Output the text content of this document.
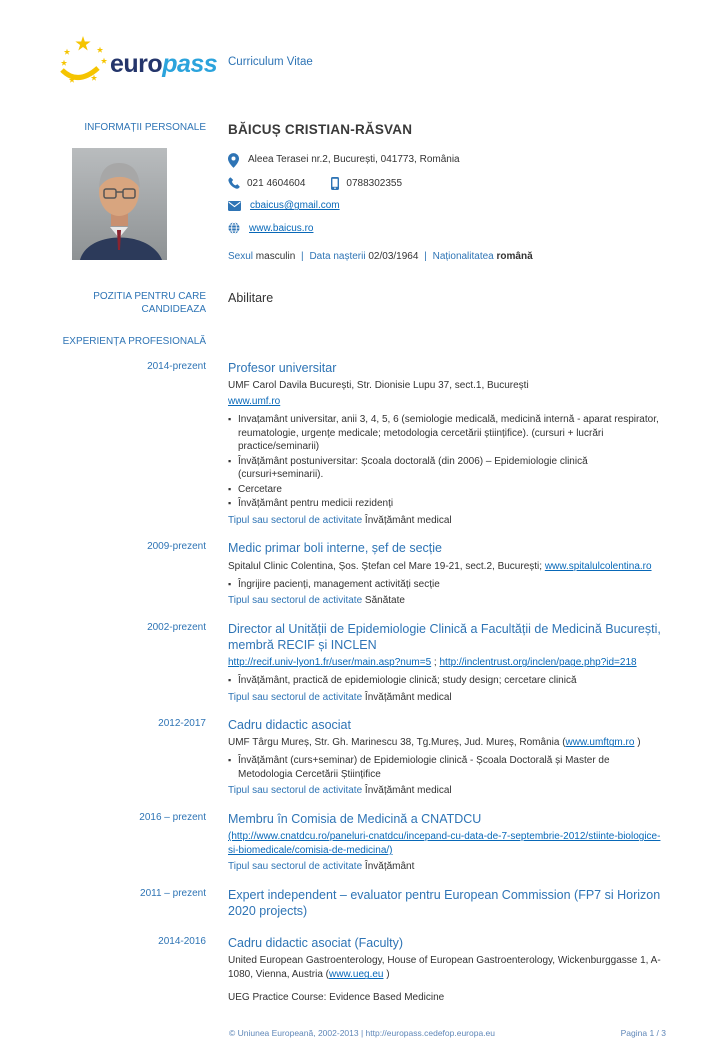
europass Curriculum Vitae
INFORMAȚII PERSONALE BĂICUȘ CRISTIAN-RĂSVAN
Aleea Terasei nr.2, București, 041773, România
021 4604604	0788302355
cbaicus@gmail.com
www.baicus.ro
Sexul masculin | Data nașterii 02/03/1964 | Naționalitatea română
POZITIA PENTRU CARE CANDIDEAZA
Abilitare
EXPERIENȚA PROFESIONALĂ
2014-prezent Profesor universitar
UMF Carol Davila București, Str. Dionisie Lupu 37, sect.1, București
www.umf.ro
▪ Invațamânt universitar, anii 3, 4, 5, 6 (semiologie medicală, medicină internă - aparat respirator, reumatologie, urgențe medicale; metodologia cercetării științifice). (cursuri + lucrări practice/seminarii)
▪ Învățământ postuniversitar: Școala doctorală (din 2006) – Epidemiologie clinică (cursuri+seminarii).
▪ Cercetare
▪ Învățământ pentru medicii rezidenți
Tipul sau sectorul de activitate Învățământ medical
2009-prezent Medic primar boli interne, șef de secție
Spitalul Clinic Colentina, Șos. Ștefan cel Mare 19-21, sect.2, București; www.spitalulcolentina.ro
▪ Îngrijire pacienți, management activități secție
Tipul sau sectorul de activitate Sănătate
2002-prezent Director al Unității de Epidemiologie Clinică a Facultății de Medicină București, membră RECIF și INCLEN
http://recif.univ-lyon1.fr/user/main.asp?num=5 ; http://inclentrust.org/inclen/page.php?id=218
▪ Învățământ, practică de epidemiologie clinică; study design; cercetare clinică
Tipul sau sectorul de activitate Învățământ medical
2012-2017 Cadru didactic asociat
UMF Târgu Mureș, Str. Gh. Marinescu 38, Tg.Mureș, Jud. Mureș, România (www.umftgm.ro )
▪ Învățământ (curs+seminar) de Epidemiologie clinică - Școala Doctorală și Master de Metodologia Cercetării Științifice
Tipul sau sectorul de activitate Învățământ medical
2016 – prezent Membru în Comisia de Medicină a CNATDCU
(http://www.cnatdcu.ro/paneluri-cnatdcu/incepand-cu-data-de-7-septembrie-2012/stiinte-biologice-si-biomedicale/comisia-de-medicina/)
Tipul sau sectorul de activitate Învățământ
2011 – prezent Expert independent – evaluator pentru European Commission (FP7 si Horizon 2020 projects)
2014-2016 Cadru didactic asociat (Faculty)
United European Gastroenterology, House of European Gastroenterology, Wickenburggasse 1, A-1080, Vienna, Austria (www.ueg.eu )
UEG Practice Course: Evidence Based Medicine
© Uniunea Europeană, 2002-2013 | http://europass.cedefop.europa.eu	Pagina 1 / 3
